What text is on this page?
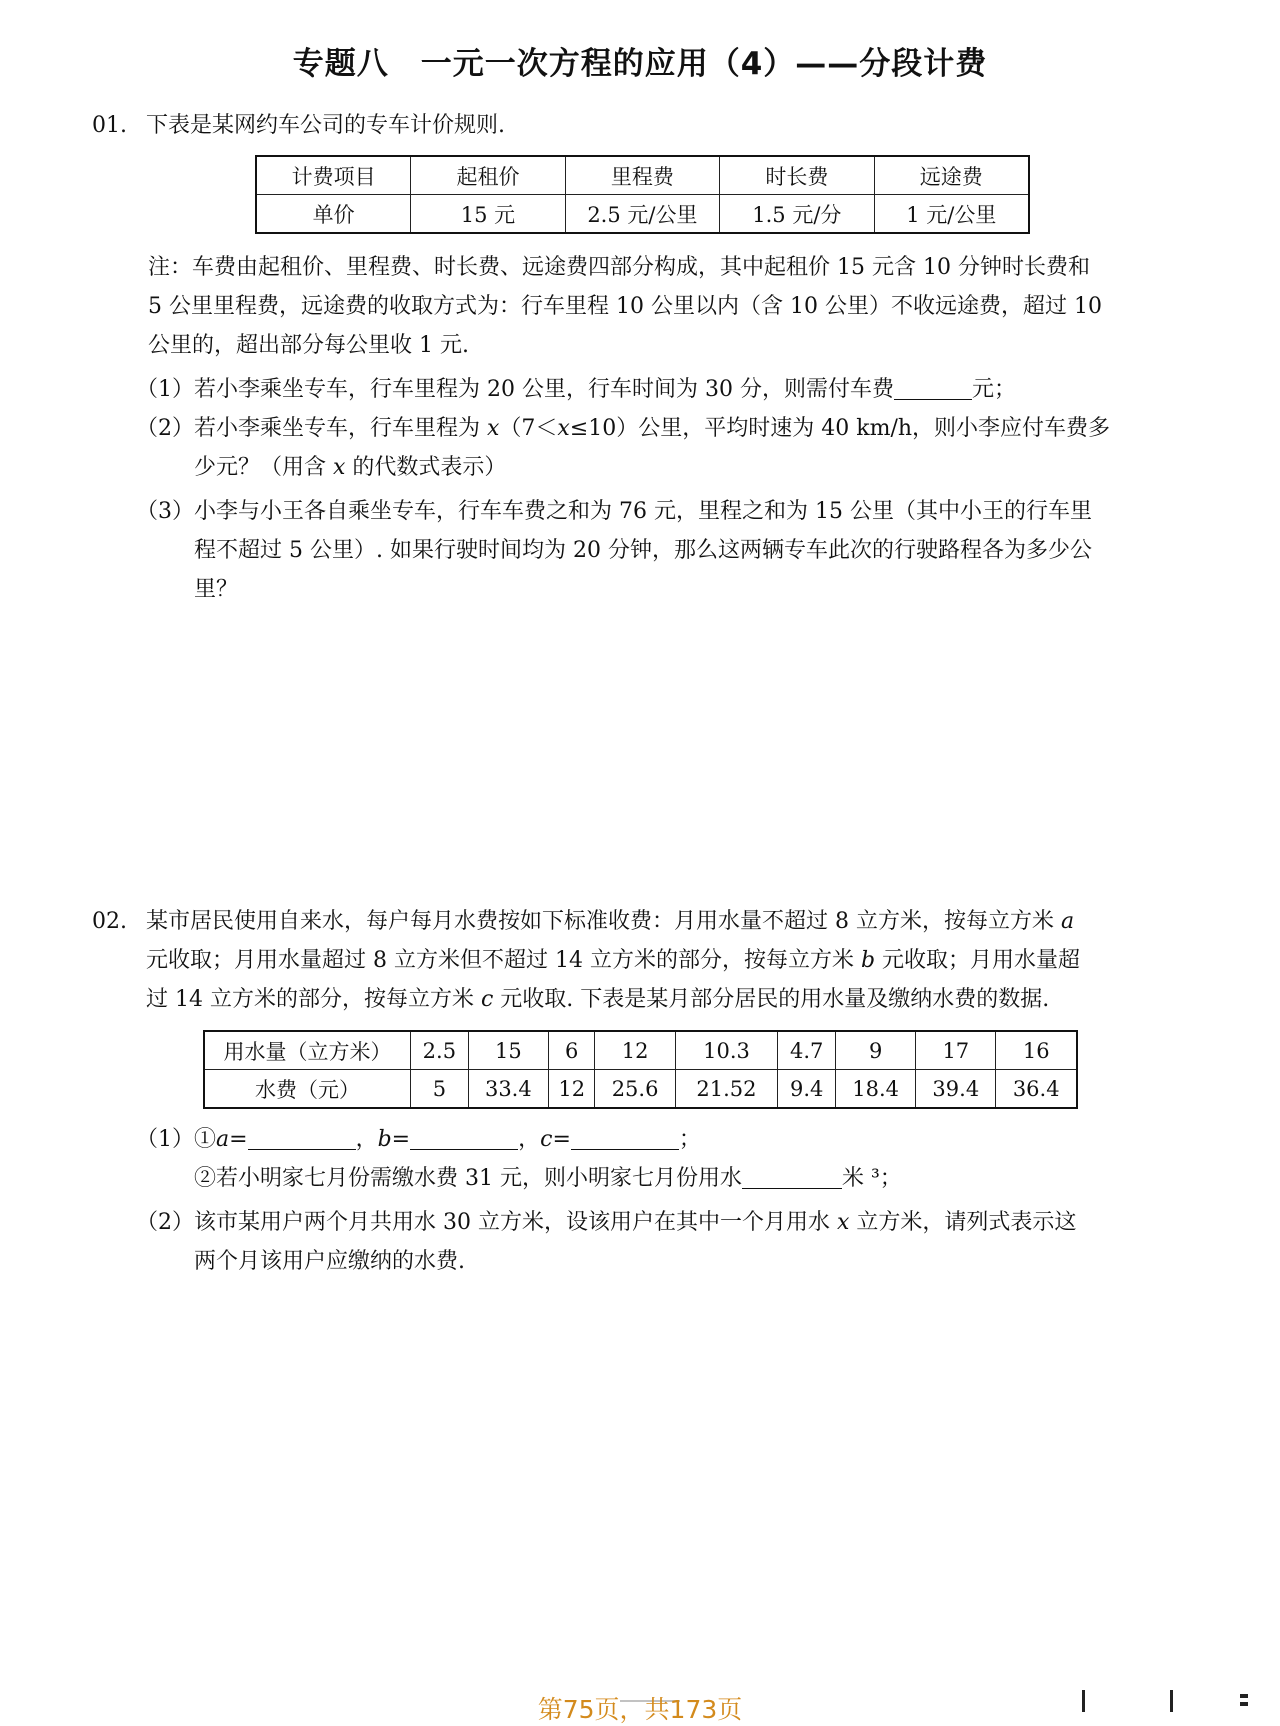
专题八　一元一次方程的应用（4）——分段计费
01. 下表是某网约车公司的专车计价规则.
计费项目	起租价	里程费	时长费	远途费
单价	15 元	2.5 元/公里	1.5 元/分	1 元/公里
注：车费由起租价、里程费、时长费、远途费四部分构成，其中起租价 15 元含 10 分钟时长费和
5 公里里程费，远途费的收取方式为：行车里程 10 公里以内（含 10 公里）不收远途费，超过 10
公里的，超出部分每公里收 1 元.
（1）若小李乘坐专车，行车里程为 20 公里，行车时间为 30 分，则需付车费	元；
（2）若小李乘坐专车，行车里程为 x（7＜x≤10）公里，平均时速为 40 km/h，则小李应付车费多
少元？（用含 x 的代数式表示）
（3）小李与小王各自乘坐专车，行车车费之和为 76 元，里程之和为 15 公里（其中小王的行车里
程不超过 5 公里）. 如果行驶时间均为 20 分钟，那么这两辆专车此次的行驶路程各为多少公
里？
02. 某市居民使用自来水，每户每月水费按如下标准收费：月用水量不超过 8 立方米，按每立方米 a
元收取；月用水量超过 8 立方米但不超过 14 立方米的部分，按每立方米 b 元收取；月用水量超
过 14 立方米的部分，按每立方米 c 元收取. 下表是某月部分居民的用水量及缴纳水费的数据.
用水量（立方米）	2.5	15	6	12	10.3	4.7	9	17	16
水费（元）	5	33.4	12	25.6	21.52	9.4	18.4	39.4	36.4
（1）①a=	，b=	，c=	；
②若小明家七月份需缴水费 31 元，则小明家七月份用水	米 ³；
（2）该市某用户两个月共用水 30 立方米，设该用户在其中一个月用水 x 立方米，请列式表示这
两个月该用户应缴纳的水费.
第75页，共173页
